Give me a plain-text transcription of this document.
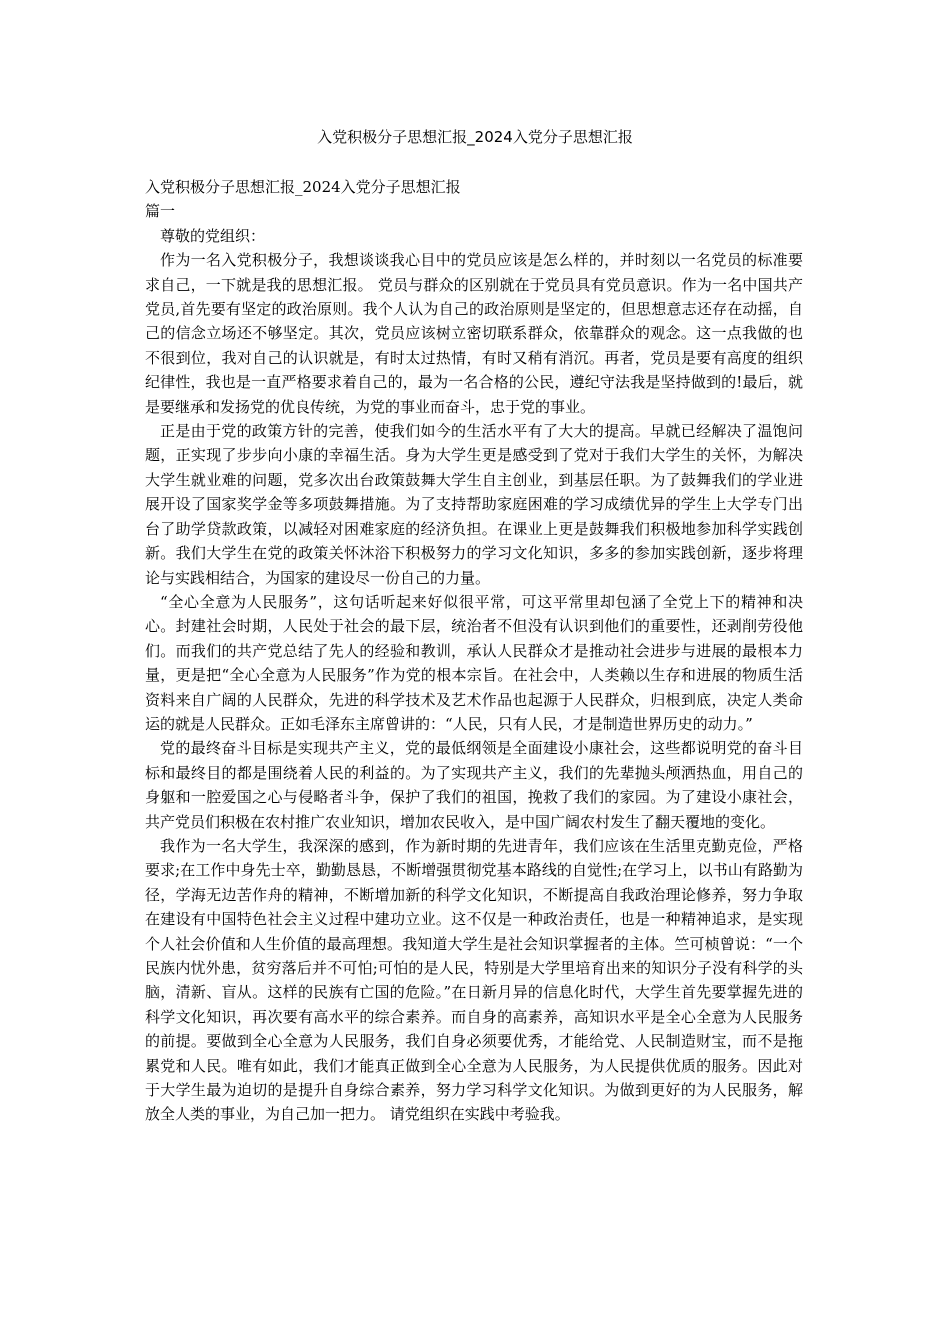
入党积极分子思想汇报_2024入党分子思想汇报

入党积极分子思想汇报_2024入党分子思想汇报

篇一

尊敬的党组织：

作为一名入党积极分子，我想谈谈我心目中的党员应该是怎么样的，并时刻以一名党员的标准要求自己，一下就是我的思想汇报。 党员与群众的区别就在于党员具有党员意识。作为一名中国共产党员,首先要有坚定的政治原则。我个人认为自己的政治原则是坚定的，但思想意志还存在动摇，自己的信念立场还不够坚定。其次，党员应该树立密切联系群众，依靠群众的观念。这一点我做的也不很到位，我对自己的认识就是，有时太过热情，有时又稍有消沉。再者，党员是要有高度的组织纪律性，我也是一直严格要求着自己的，最为一名合格的公民，遵纪守法我是坚持做到的!最后，就是要继承和发扬党的优良传统，为党的事业而奋斗，忠于党的事业。

正是由于党的政策方针的完善，使我们如今的生活水平有了大大的提高。早就已经解决了温饱问题，正实现了步步向小康的幸福生活。身为大学生更是感受到了党对于我们大学生的关怀，为解决大学生就业难的问题，党多次出台政策鼓舞大学生自主创业，到基层任职。为了鼓舞我们的学业进展开设了国家奖学金等多项鼓舞措施。为了支持帮助家庭困难的学习成绩优异的学生上大学专门出台了助学贷款政策，以减轻对困难家庭的经济负担。在课业上更是鼓舞我们积极地参加科学实践创新。我们大学生在党的政策关怀沐浴下积极努力的学习文化知识，多多的参加实践创新，逐步将理论与实践相结合，为国家的建设尽一份自己的力量。

“全心全意为人民服务”，这句话听起来好似很平常，可这平常里却包涵了全党上下的精神和决心。封建社会时期，人民处于社会的最下层，统治者不但没有认识到他们的重要性，还剥削劳役他们。而我们的共产党总结了先人的经验和教训，承认人民群众才是推动社会进步与进展的最根本力量，更是把“全心全意为人民服务”作为党的根本宗旨。在社会中，人类赖以生存和进展的物质生活资料来自广阔的人民群众，先进的科学技术及艺术作品也起源于人民群众，归根到底，决定人类命运的就是人民群众。正如毛泽东主席曾讲的：“人民，只有人民，才是制造世界历史的动力。”

党的最终奋斗目标是实现共产主义，党的最低纲领是全面建设小康社会，这些都说明党的奋斗目标和最终目的都是围绕着人民的利益的。为了实现共产主义，我们的先辈抛头颅洒热血，用自己的身躯和一腔爱国之心与侵略者斗争，保护了我们的祖国，挽救了我们的家园。为了建设小康社会，共产党员们积极在农村推广农业知识，增加农民收入，是中国广阔农村发生了翻天覆地的变化。

我作为一名大学生，我深深的感到，作为新时期的先进青年，我们应该在生活里克勤克俭，严格要求;在工作中身先士卒，勤勤恳恳，不断增强贯彻党基本路线的自觉性;在学习上，以书山有路勤为径，学海无边苦作舟的精神，不断增加新的科学文化知识，不断提高自我政治理论修养，努力争取在建设有中国特色社会主义过程中建功立业。这不仅是一种政治责任，也是一种精神追求，是实现个人社会价值和人生价值的最高理想。我知道大学生是社会知识掌握者的主体。竺可桢曾说：“一个民族内忧外患，贫穷落后并不可怕;可怕的是人民，特别是大学里培育出来的知识分子没有科学的头脑，清新、盲从。这样的民族有亡国的危险。”在日新月异的信息化时代，大学生首先要掌握先进的科学文化知识，再次要有高水平的综合素养。而自身的高素养，高知识水平是全心全意为人民服务的前提。要做到全心全意为人民服务，我们自身必须要优秀，才能给党、人民制造财宝，而不是拖累党和人民。唯有如此，我们才能真正做到全心全意为人民服务，为人民提供优质的服务。因此对于大学生最为迫切的是提升自身综合素养，努力学习科学文化知识。为做到更好的为人民服务，解放全人类的事业，为自己加一把力。 请党组织在实践中考验我。
